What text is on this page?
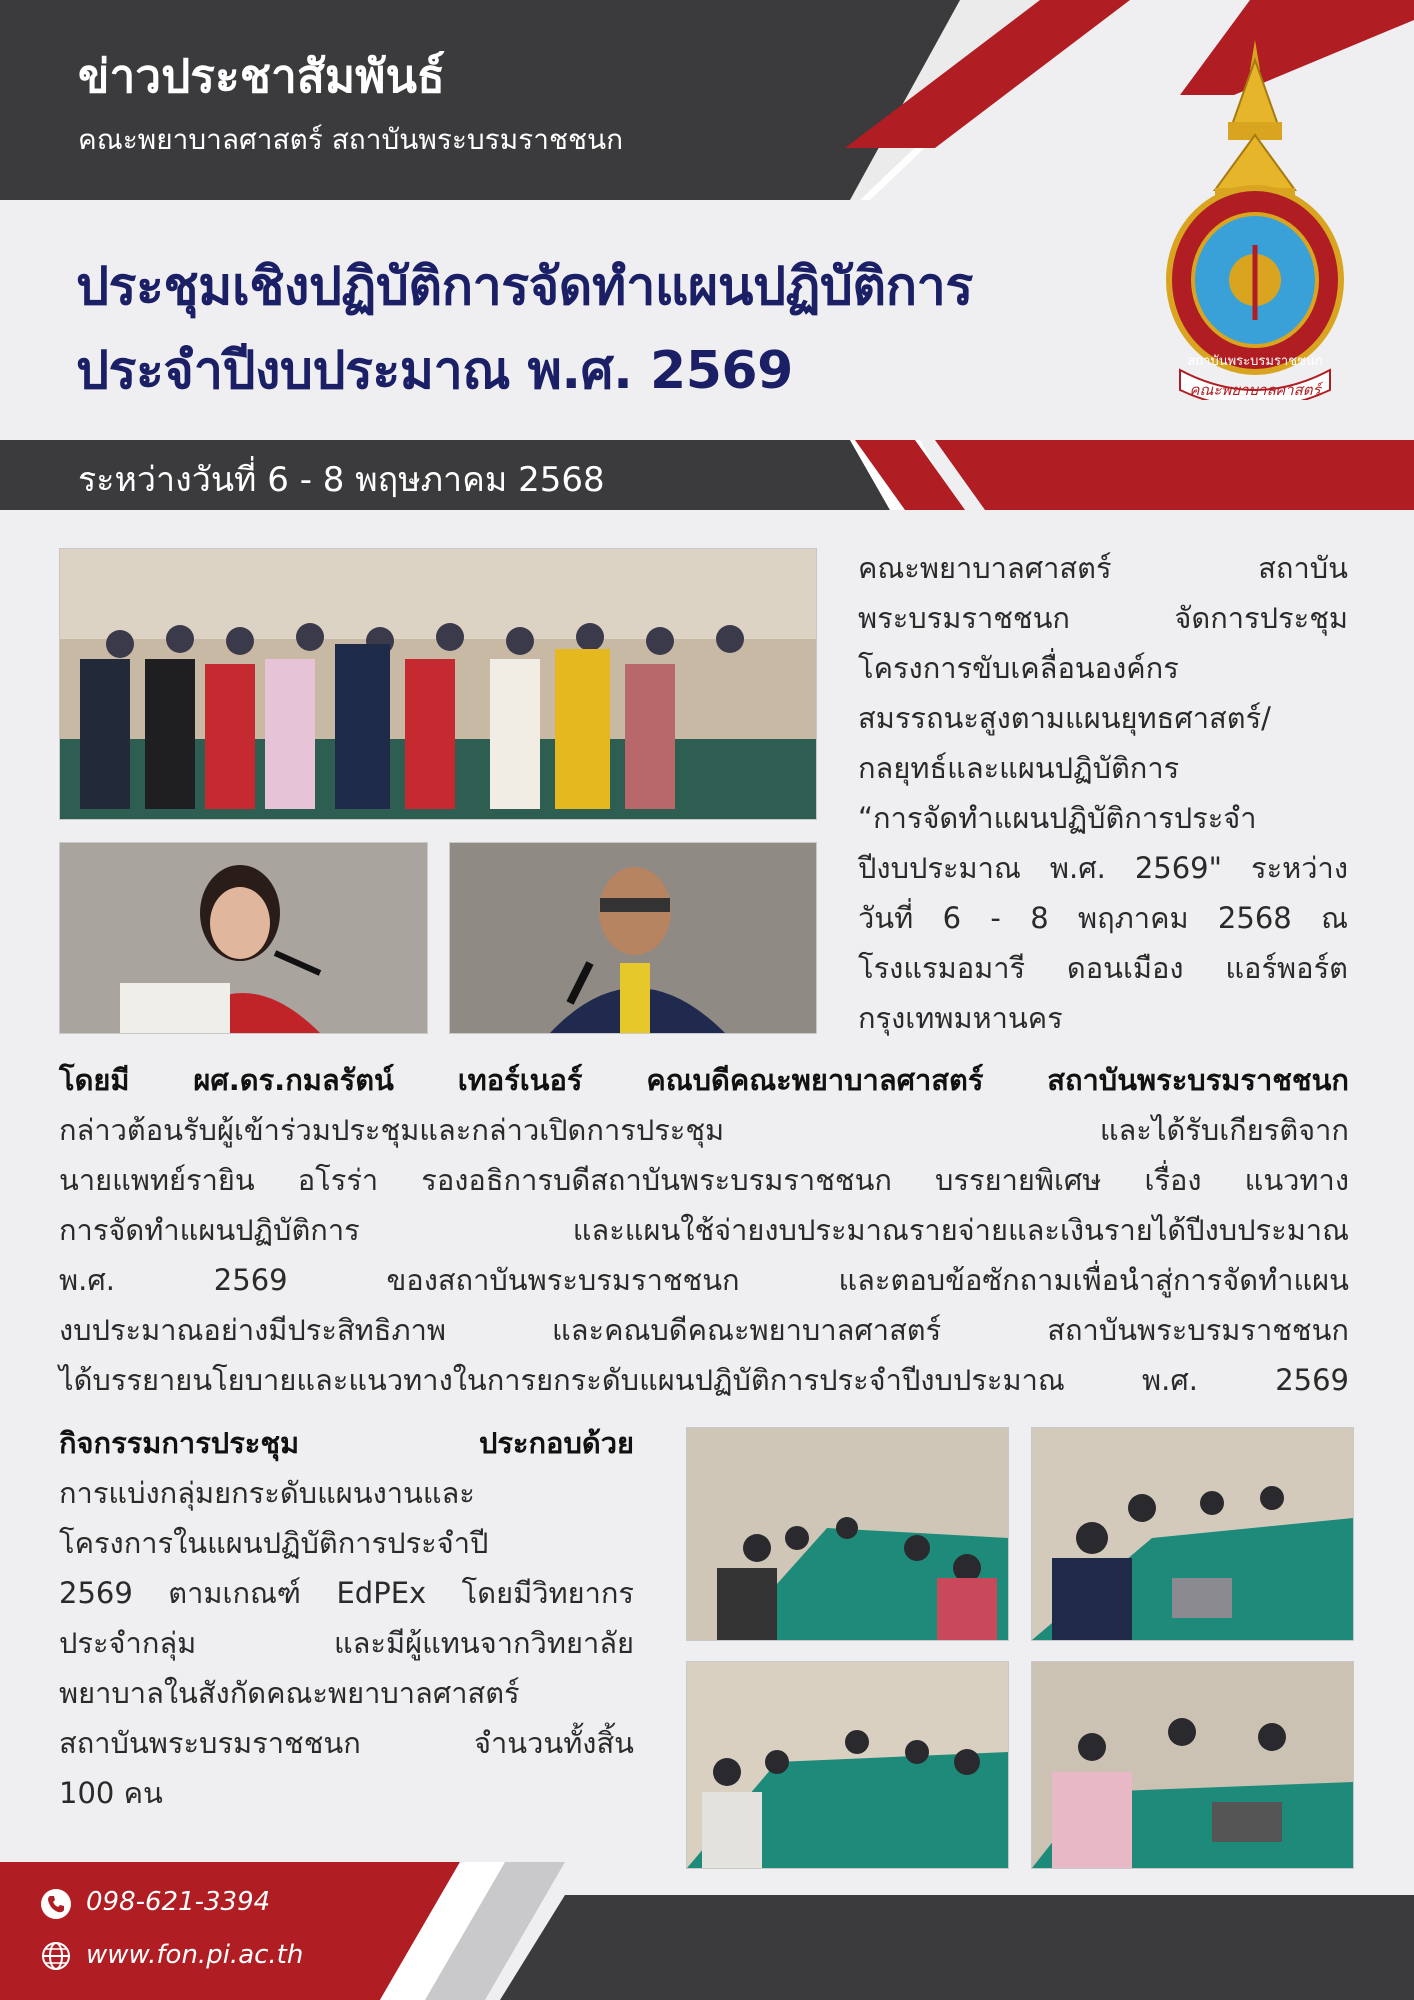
ข่าวประชาสัมพันธ์
คณะพยาบาลศาสตร์ สถาบันพระบรมราชชนก
สถาบันพระบรมราชชนก
คณะพยาบาลศาสตร์
ประชุมเชิงปฏิบัติการจัดทำแผนปฏิบัติการ
ประจำปีงบประมาณ พ.ศ. 2569
ระหว่างวันที่ 6 - 8 พฤษภาคม 2568
คณะพยาบาลศาสตร์ สถาบัน
พระบรมราชชนก จัดการประชุม
โครงการขับเคลื่อนองค์กร
สมรรถนะสูงตามแผนยุทธศาสตร์/
กลยุทธ์และแผนปฏิบัติการ
“การจัดทำแผนปฏิบัติการประจำ
ปีงบประมาณ พ.ศ. 2569" ระหว่าง
วันที่ 6 - 8 พฤภาคม 2568 ณ
โรงแรมอมารี ดอนเมือง แอร์พอร์ต
กรุงเทพมหานคร
โดยมี ผศ.ดร.กมลรัตน์ เทอร์เนอร์ คณบดีคณะพยาบาลศาสตร์ สถาบันพระบรมราชชนก
กล่าวต้อนรับผู้เข้าร่วมประชุมและกล่าวเปิดการประชุม และได้รับเกียรติจาก
นายแพทย์รายิน อโรร่า รองอธิการบดีสถาบันพระบรมราชชนก บรรยายพิเศษ เรื่อง แนวทาง
การจัดทำแผนปฏิบัติการ และแผนใช้จ่ายงบประมาณรายจ่ายและเงินรายได้ปีงบประมาณ
พ.ศ. 2569 ของสถาบันพระบรมราชชนก และตอบข้อซักถามเพื่อนำสู่การจัดทำแผน
งบประมาณอย่างมีประสิทธิภาพ และคณบดีคณะพยาบาลศาสตร์ สถาบันพระบรมราชชนก
ได้บรรยายนโยบายและแนวทางในการยกระดับแผนปฏิบัติการประจำปีงบประมาณ พ.ศ. 2569
กิจกรรมการประชุม ประกอบด้วย
การแบ่งกลุ่มยกระดับแผนงานและ
โครงการในแผนปฏิบัติการประจำปี
2569 ตามเกณฑ์ EdPEx โดยมีวิทยากร
ประจำกลุ่ม และมีผู้แทนจากวิทยาลัย
พยาบาลในสังกัดคณะพยาบาลศาสตร์
สถาบันพระบรมราชชนก จำนวนทั้งสิ้น
100 คน
098-621-3394
www.fon.pi.ac.th
